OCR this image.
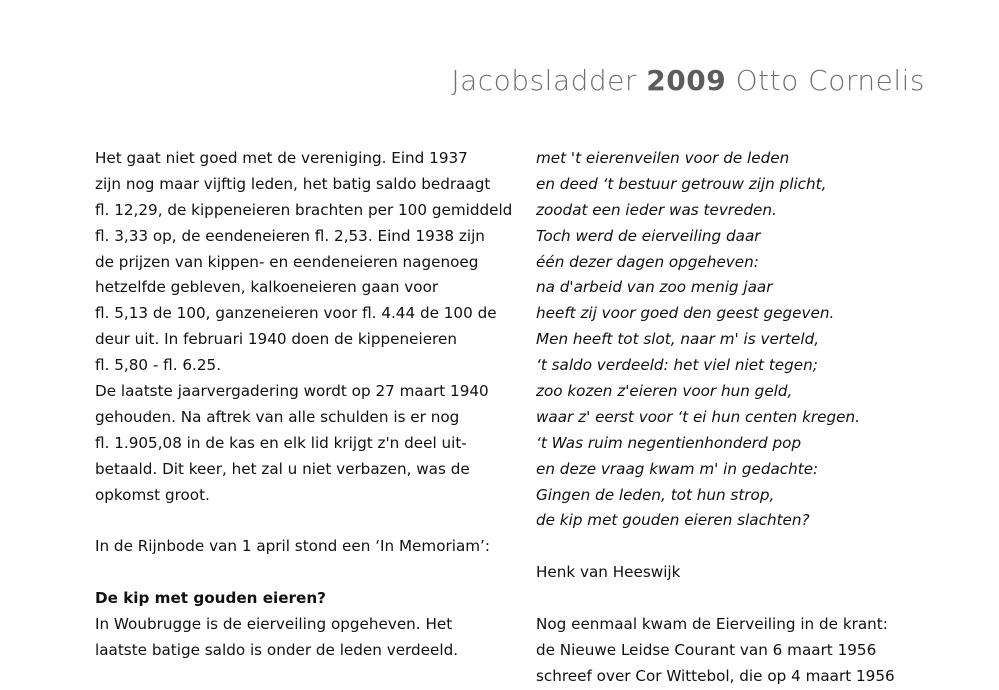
Jacobsladder 2009 Otto Cornelis
Het gaat niet goed met de vereniging. Eind 1937
zijn nog maar vijftig leden, het batig saldo bedraagt
fl. 12,29, de kippeneieren brachten per 100 gemiddeld
fl. 3,33 op, de eendeneieren fl. 2,53. Eind 1938 zijn
de prijzen van kippen- en eendeneieren nagenoeg
hetzelfde gebleven, kalkoeneieren gaan voor
fl. 5,13 de 100, ganzeneieren voor fl. 4.44 de 100 de
deur uit. In februari 1940 doen de kippeneieren
fl. 5,80 - fl. 6.25.
De laatste jaarvergadering wordt op 27 maart 1940
gehouden. Na aftrek van alle schulden is er nog
fl. 1.905,08 in de kas en elk lid krijgt z'n deel uit-
betaald. Dit keer, het zal u niet verbazen, was de
opkomst groot.
In de Rijnbode van 1 april stond een ‘In Memoriam’:
De kip met gouden eieren?
In Woubrugge is de eierveiling opgeheven. Het
laatste batige saldo is onder de leden verdeeld.
met 't eierenveilen voor de leden
en deed ‘t bestuur getrouw zijn plicht,
zoodat een ieder was tevreden.
Toch werd de eierveiling daar
één dezer dagen opgeheven:
na d'arbeid van zoo menig jaar
heeft zij voor goed den geest gegeven.
Men heeft tot slot, naar m' is verteld,
‘t saldo verdeeld: het viel niet tegen;
zoo kozen z'eieren voor hun geld,
waar z' eerst voor ‘t ei hun centen kregen.
‘t Was ruim negentienhonderd pop
en deze vraag kwam m' in gedachte:
Gingen de leden, tot hun strop,
de kip met gouden eieren slachten?
Henk van Heeswijk
Nog eenmaal kwam de Eierveiling in de krant:
de Nieuwe Leidse Courant van 6 maart 1956
schreef over Cor Wittebol, die op 4 maart 1956
